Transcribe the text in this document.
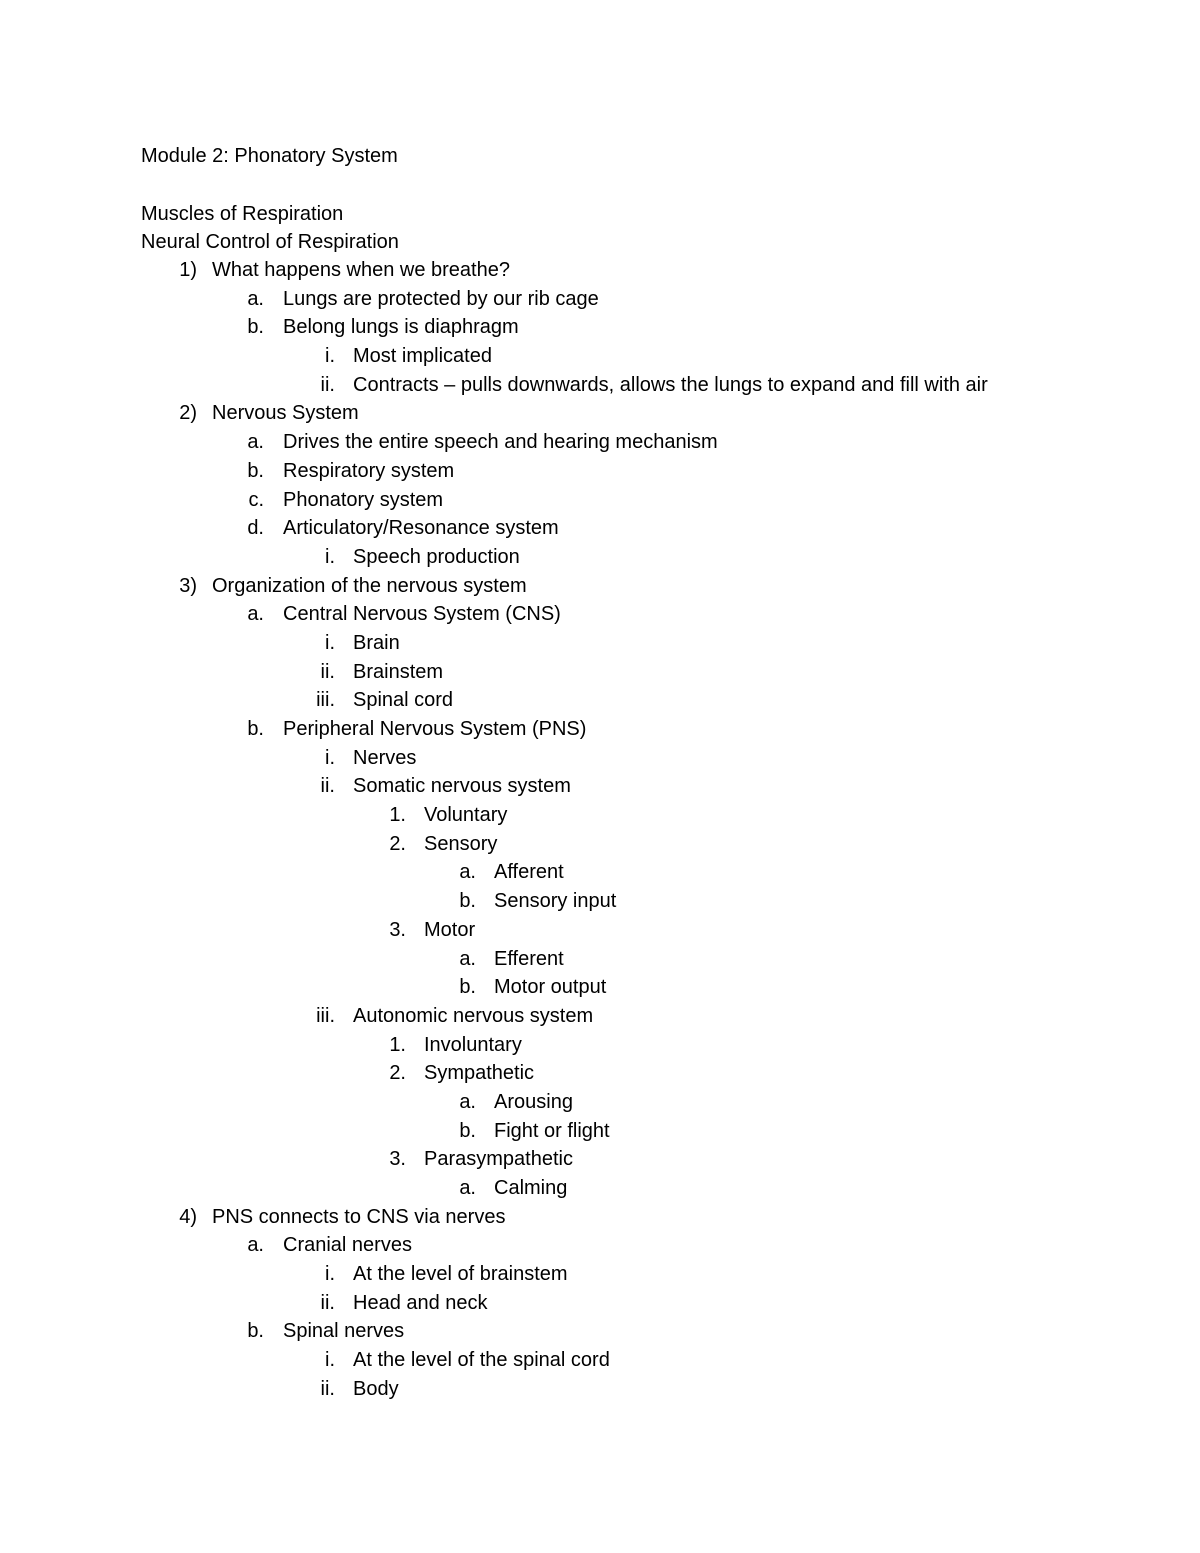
Module 2: Phonatory System
Muscles of Respiration
Neural Control of Respiration
1) What happens when we breathe?
a. Lungs are protected by our rib cage
b. Belong lungs is diaphragm
i. Most implicated
ii. Contracts – pulls downwards, allows the lungs to expand and fill with air
2) Nervous System
a. Drives the entire speech and hearing mechanism
b. Respiratory system
c. Phonatory system
d. Articulatory/Resonance system
i. Speech production
3) Organization of the nervous system
a. Central Nervous System (CNS)
i. Brain
ii. Brainstem
iii. Spinal cord
b. Peripheral Nervous System (PNS)
i. Nerves
ii. Somatic nervous system
1. Voluntary
2. Sensory
a. Afferent
b. Sensory input
3. Motor
a. Efferent
b. Motor output
iii. Autonomic nervous system
1. Involuntary
2. Sympathetic
a. Arousing
b. Fight or flight
3. Parasympathetic
a. Calming
4) PNS connects to CNS via nerves
a. Cranial nerves
i. At the level of brainstem
ii. Head and neck
b. Spinal nerves
i. At the level of the spinal cord
ii. Body
